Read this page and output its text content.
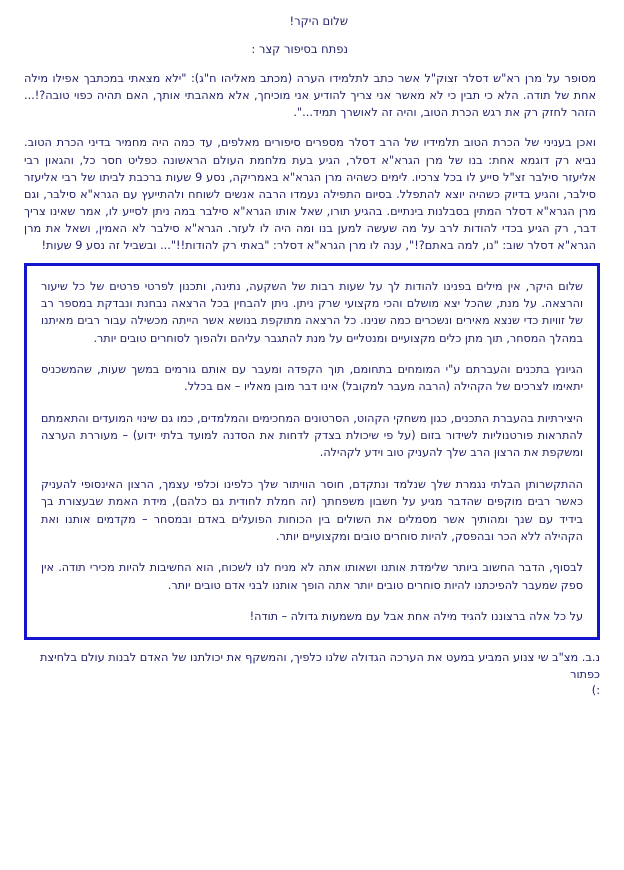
שלום היקר!
נפתח בסיפור קצר :

מסופר על מרן רא"ש דסלר זצוק"ל אשר כתב לתלמידו הערה (מכתב מאליהו ח"ג): "ילא מצאתי במכתבך אפילו מילה אחת של תודה. הלא כי תבין כי לא מאשר אני צריך להודיע אני מוכיחך, אלא מאהבתי אותך, האם תהיה כפוי טובה?!... הזהר לחזק רק את רגש הכרת הטוב, והיה זה לאושרך תמיד...".

ואכן בעניני של הכרת הטוב תלמידיו של הרב דסלר מספרים סיפורים מאלפים, עד כמה היה מחמיר בדיני הכרת הטוב. נביא רק דוגמא אחת: בנו של מרן הגרא"א דסלר, הגיע בעת מלחמת העולם הראשונה כפליט חסר כל, והגאון רבי אליעזר סילבר זצ"ל סייע לו בכל צרכיו. לימים כשהיה מרן הגרא"א באמריקה, נסע 9 שעות ברכבת לביתו של רבי אליעזר סילבר, והגיע בדיוק כשהיה יוצא להתפלל. בסיום התפילה נעמדו הרבה אנשים לשוחח ולהתייעץ עם הגרא"א סילבר, וגם מרן הגרא"א דסלר המתין בסבלנות בינתיים. בהגיע תורו, שאל אותו הגרא"א סילבר במה ניתן לסייע לו, אמר שאינו צריך דבר, רק הגיע בכדי להודות לרב על מה שעשה למען בנו ומה היה לו לעזר. הגרא"א סילבר לא האמין, ושאל את מרן הגרא"א דסלר שוב: "נו, למה באתם?!", ענה לו מרן הגרא"א דסלר: "באתי רק להודות!!"... ובשביל זה נסע 9 שעות!

שלום היקר, אין מילים בפנינו להודות לך על שעות רבות של השקעה, נתינה, ותכנון לפרטי פרטים של כל שיעור והרצאה. על מנת, שהכל יצא מושלם והכי מקצועי שרק ניתן. ניתן להבחין בכל הרצאה נבחנת ונבדקת במספר רב של זוויות כדי שנצא מאירים ונשכרים כמה שנינו. כל הרצאה מתוקפת בנושא אשר הייתה מכשילה עבור רבים מאיתנו במהלך המסחר, תוך מתן כלים מקצועיים ומנטליים על מנת להתגבר עליהם ולהפוך לסוחרים טובים יותר.

הגיונץ בתכנים והעברתם ע"י המומחים בתחומם, תוך הקפדה ומעבר עם אותם גורמים במשך שעות, שהמשכניס יתאימו לצרכים של הקהילה (הרבה מעבר למקובל) אינו דבר מובן מאליו – אם בכלל.

היצירתיות בהעברת התכנים, כגון משחקי הקהוט, הסרטונים המחכימים והמלמדים, כמו גם שינוי המועדים והתאמתם להתראות פורטנוליות לשידור בזום (על פי שיכולת בצדק לדחות את הסדנה למועד בלתי ידוע) – מעוררת הערצה ומשקפת את הרצון הרב שלך להעניק טוב וידע לקהילה.

ההתקשרותן הבלתי נגמרת שלך שנלמד ונתקדם, חוסר הוויתור שלך כלפינו וכלפי עצמך, הרצון האינסופי להעניק כאשר רבים מוקפים שהדבר מגיע על חשבון משפחתך (זה חמלת לחודית גם כלהם), מידת האמת שבעצורת בך בידיד עם שנך ומהותיך אשר מסמלים את השולים בין הכוחות הפועלים באדם ובמסחר – מקדמים אותנו ואת הקהילה ללא הכר ובהפסק, להיות סוחרים טובים ומקצועיים יותר.

לבסוף, הדבר החשוב ביותר שלימדת אותנו ושאותו אתה לא מניח לנו לשכוח, הוא החשיבות להיות מכירי תודה. אין ספק שמעבר להפיכתנו להיות סוחרים טובים יותר אתה הופך אותנו לבני אדם טובים יותר.

על כל אלה ברצוננו להגיד מילה אחת אבל עם משמעות גדולה – תודה!

נ.ב. מצ"ב שי צנוע המביע במעט את הערכה הגדולה שלנו כלפיך, והמשקף את יכולתנו של האדם לבנות עולם בלחיצת כפתור

:)
